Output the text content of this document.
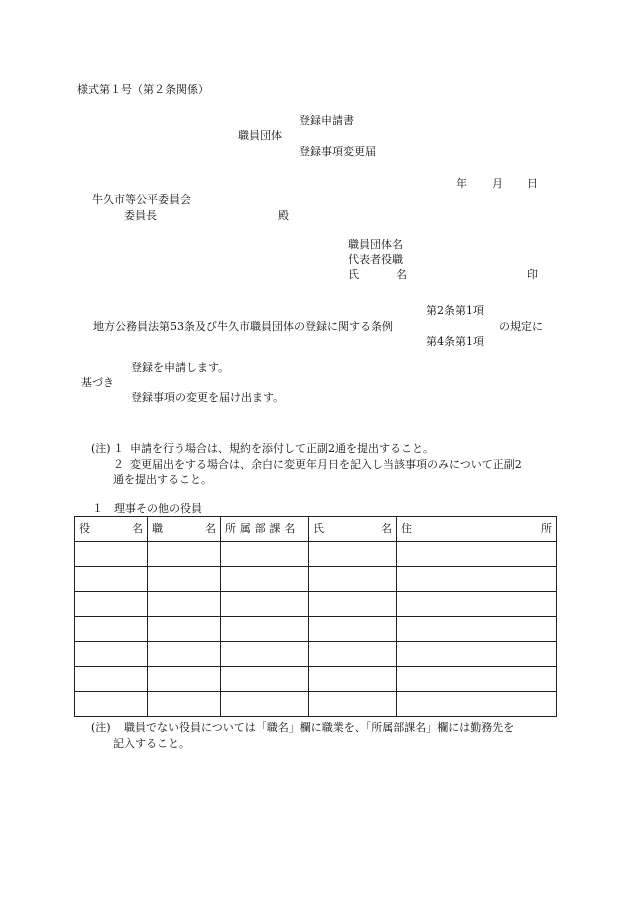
様式第１号（第２条関係）
登録申請書
職員団体
登録事項変更届
年 月 日
牛久市等公平委員会
委員長	殿
職員団体名
代表者役職
氏	名	印
第2条第1項
地方公務員法第53条及び牛久市職員団体の登録に関する条例	の規定に
第4条第1項
登録を申請します。
基づき
登録事項の変更を届け出ます。
(注) １ 申請を行う場合は、規約を添付して正副2通を提出すること。
２ 変更届出をする場合は、余白に変更年月日を記入し当該事項のみについて正副2
通を提出すること。
１　理事その他の役員
役 名	職 名	所属部課名	氏 名	住 所

(注) 職員でない役員については「職名」欄に職業を、「所属部課名」欄には勤務先を
記入すること。
